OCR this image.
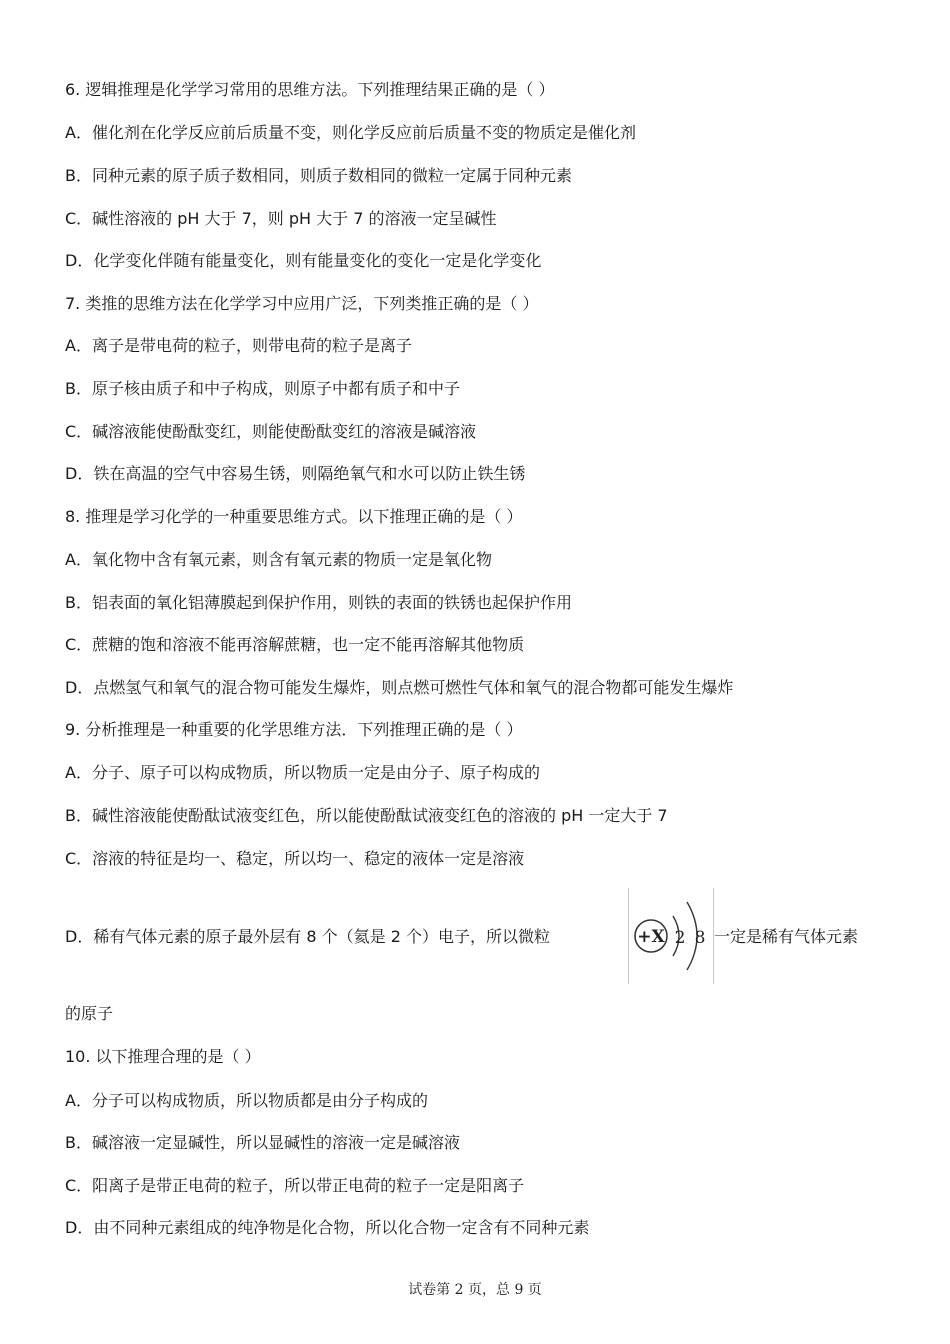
6. 逻辑推理是化学学习常用的思维方法。下列推理结果正确的是（ ）
A．催化剂在化学反应前后质量不变，则化学反应前后质量不变的物质定是催化剂
B．同种元素的原子质子数相同，则质子数相同的微粒一定属于同种元素
C．碱性溶液的 pH 大于 7，则 pH 大于 7 的溶液一定呈碱性
D．化学变化伴随有能量变化，则有能量变化的变化一定是化学变化
7. 类推的思维方法在化学学习中应用广泛，下列类推正确的是（ ）
A．离子是带电荷的粒子，则带电荷的粒子是离子
B．原子核由质子和中子构成，则原子中都有质子和中子
C．碱溶液能使酚酞变红，则能使酚酞变红的溶液是碱溶液
D．铁在高温的空气中容易生锈，则隔绝氧气和水可以防止铁生锈
8. 推理是学习化学的一种重要思维方式。以下推理正确的是（ ）
A．氧化物中含有氧元素，则含有氧元素的物质一定是氧化物
B．铝表面的氧化铝薄膜起到保护作用，则铁的表面的铁锈也起保护作用
C．蔗糖的饱和溶液不能再溶解蔗糖，也一定不能再溶解其他物质
D．点燃氢气和氧气的混合物可能发生爆炸，则点燃可燃性气体和氧气的混合物都可能发生爆炸
9. 分析推理是一种重要的化学思维方法．下列推理正确的是（ ）
A．分子、原子可以构成物质，所以物质一定是由分子、原子构成的
B．碱性溶液能使酚酞试液变红色，所以能使酚酞试液变红色的溶液的 pH 一定大于 7
C．溶液的特征是均一、稳定，所以均一、稳定的液体一定是溶液
D．稀有气体元素的原子最外层有 8 个（氦是 2 个）电子，所以微粒	+X 2 8 一定是稀有气体元素
的原子
10. 以下推理合理的是（ ）
A．分子可以构成物质，所以物质都是由分子构成的
B．碱溶液一定显碱性，所以显碱性的溶液一定是碱溶液
C．阳离子是带正电荷的粒子，所以带正电荷的粒子一定是阳离子
D．由不同种元素组成的纯净物是化合物，所以化合物一定含有不同种元素
试卷第 2 页，总 9 页
